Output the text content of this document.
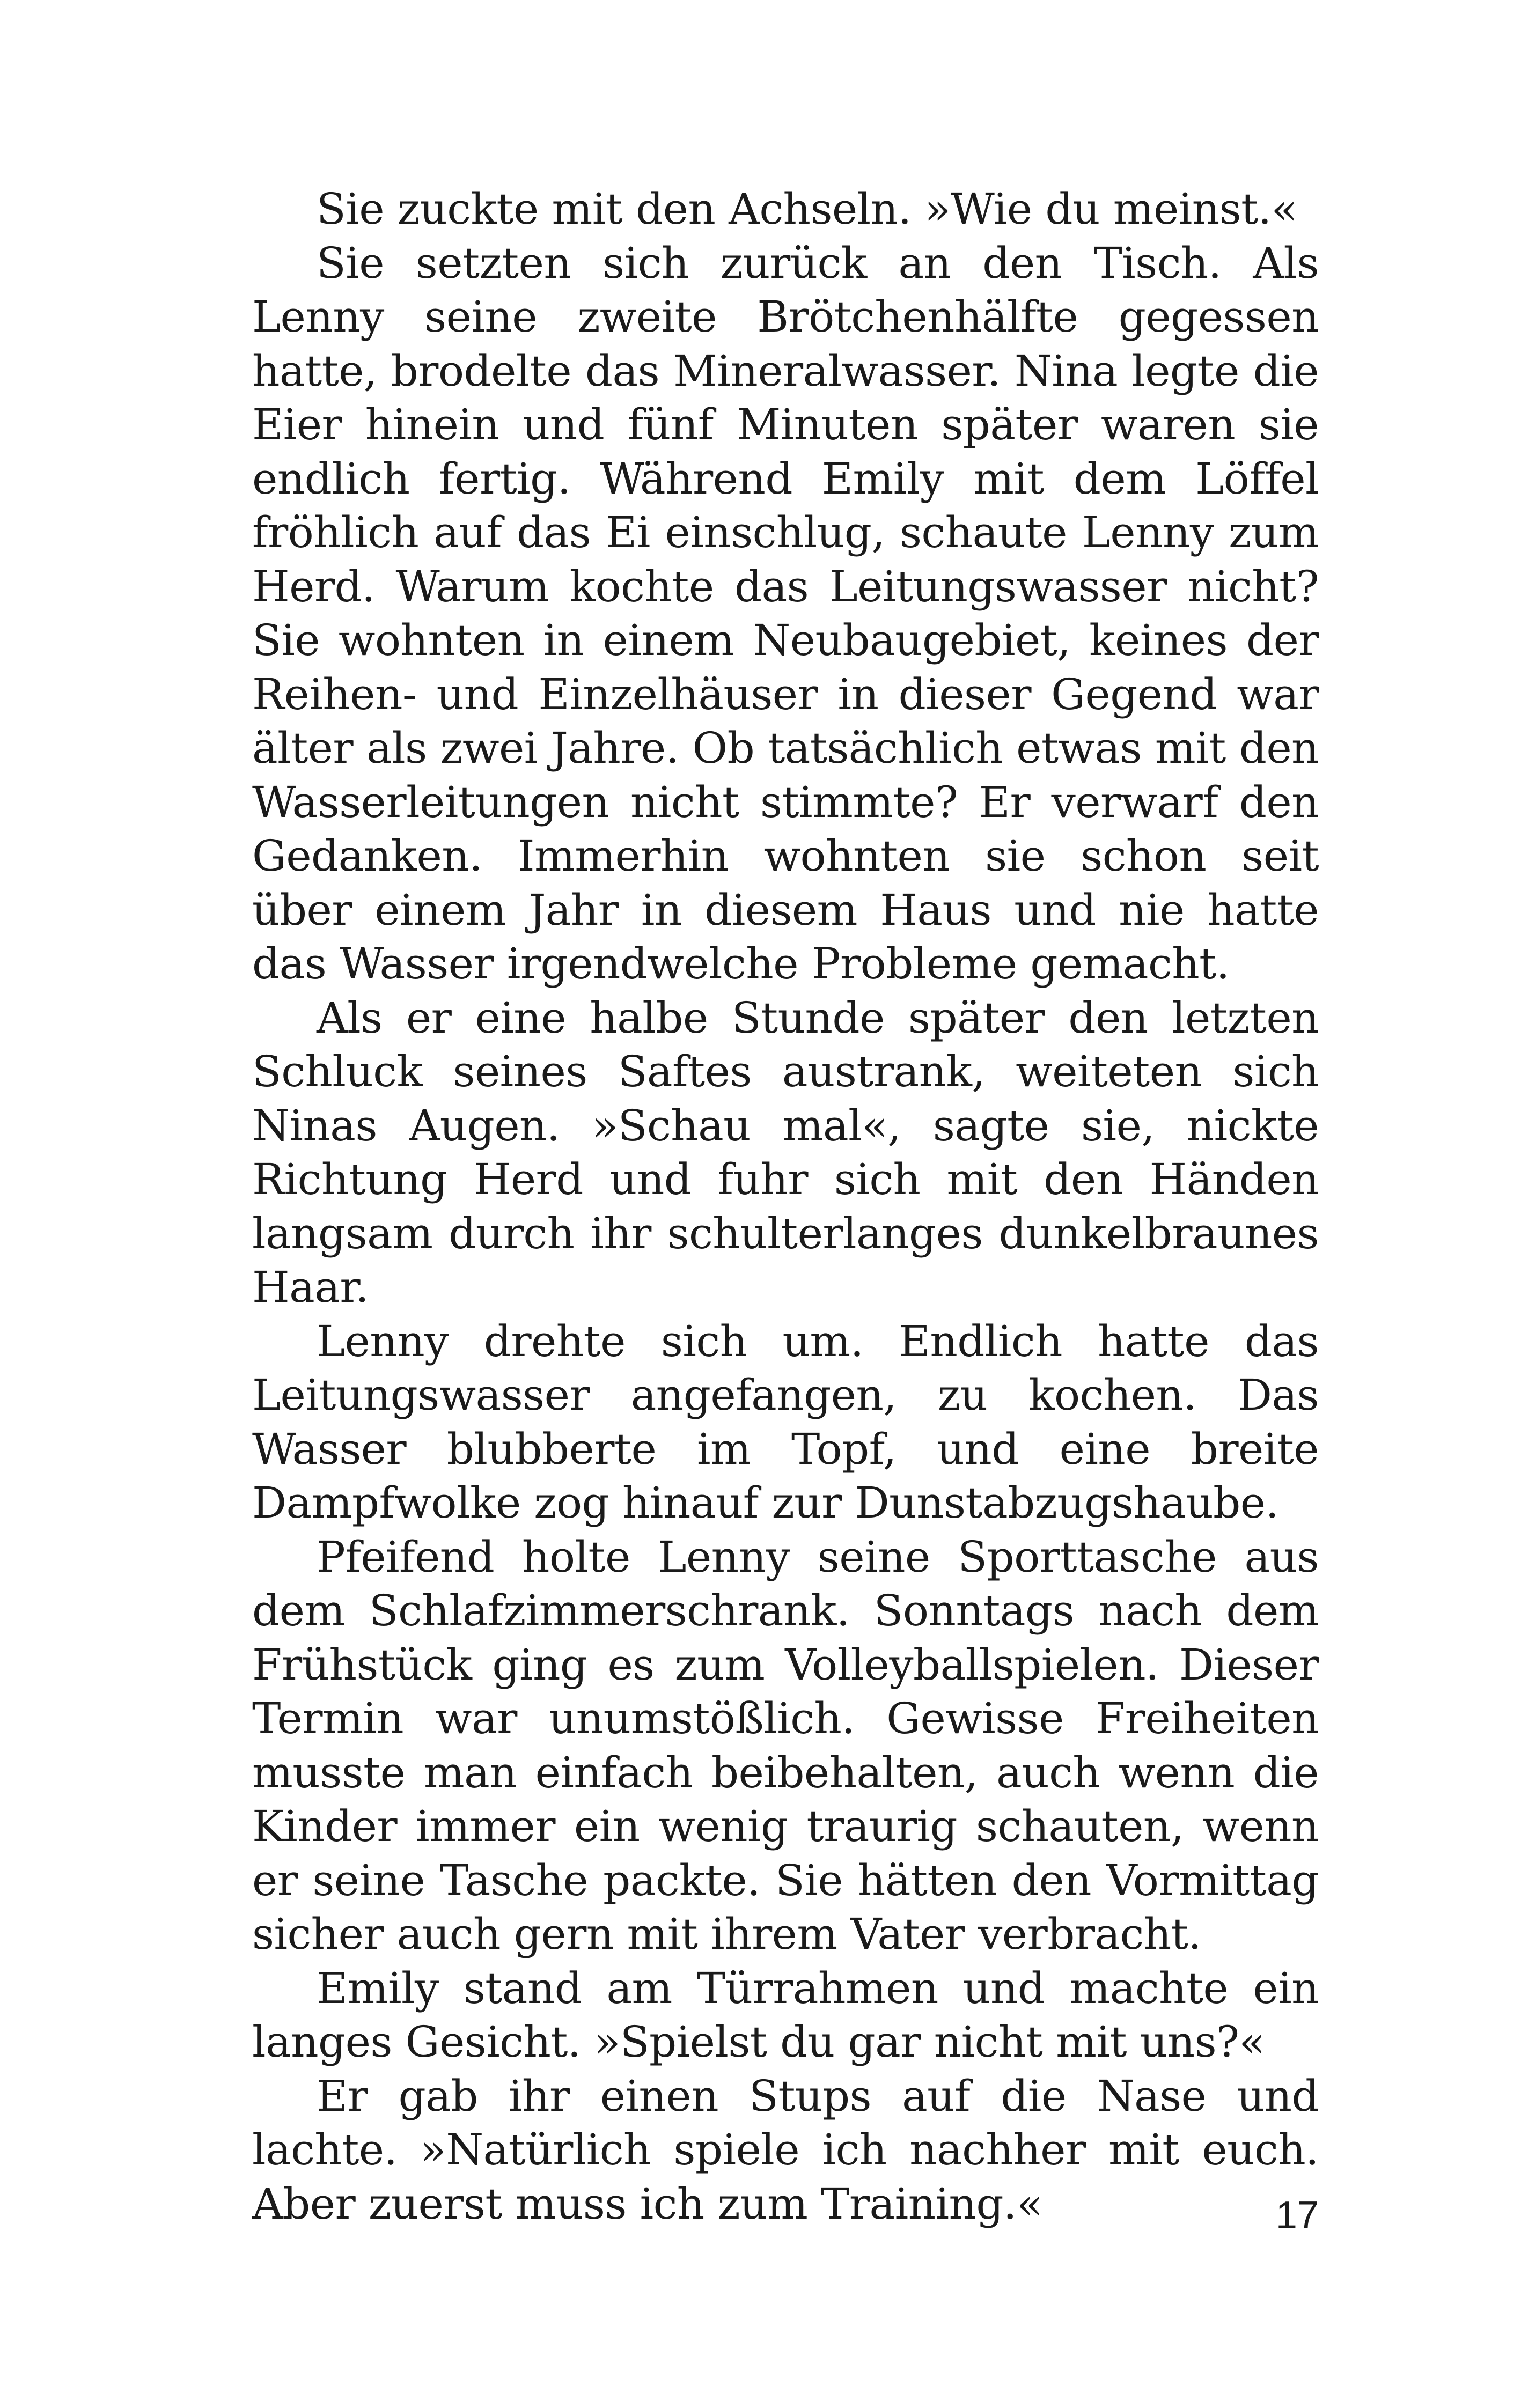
Sie zuckte mit den Achseln. »Wie du meinst.«

Sie setzten sich zurück an den Tisch. Als Lenny seine zweite Brötchenhälfte gegessen hatte, brodelte das Mineralwasser. Nina legte die Eier hinein und fünf Minuten später waren sie endlich fertig. Während Emily mit dem Löffel fröhlich auf das Ei einschlug, schaute Lenny zum Herd. Warum kochte das Leitungswasser nicht? Sie wohnten in einem Neubaugebiet, keines der Reihen- und Einzelhäuser in dieser Gegend war älter als zwei Jahre. Ob tatsächlich etwas mit den Wasserleitungen nicht stimmte? Er verwarf den Gedanken. Immerhin wohnten sie schon seit über einem Jahr in diesem Haus und nie hatte das Wasser irgendwelche Probleme gemacht.

Als er eine halbe Stunde später den letzten Schluck seines Saftes austrank, weiteten sich Ninas Augen. »Schau mal«, sagte sie, nickte Richtung Herd und fuhr sich mit den Händen langsam durch ihr schulterlanges dunkelbraunes Haar.

Lenny drehte sich um. Endlich hatte das Leitungswasser angefangen, zu kochen. Das Wasser blubberte im Topf, und eine breite Dampfwolke zog hinauf zur Dunstabzugshaube.

Pfeifend holte Lenny seine Sporttasche aus dem Schlafzimmerschrank. Sonntags nach dem Frühstück ging es zum Volleyballspielen. Dieser Termin war unumstößlich. Gewisse Freiheiten musste man einfach beibehalten, auch wenn die Kinder immer ein wenig traurig schauten, wenn er seine Tasche packte. Sie hätten den Vormittag sicher auch gern mit ihrem Vater verbracht.

Emily stand am Türrahmen und machte ein langes Gesicht. »Spielst du gar nicht mit uns?«

Er gab ihr einen Stups auf die Nase und lachte. »Natürlich spiele ich nachher mit euch. Aber zuerst muss ich zum Training.«	17
